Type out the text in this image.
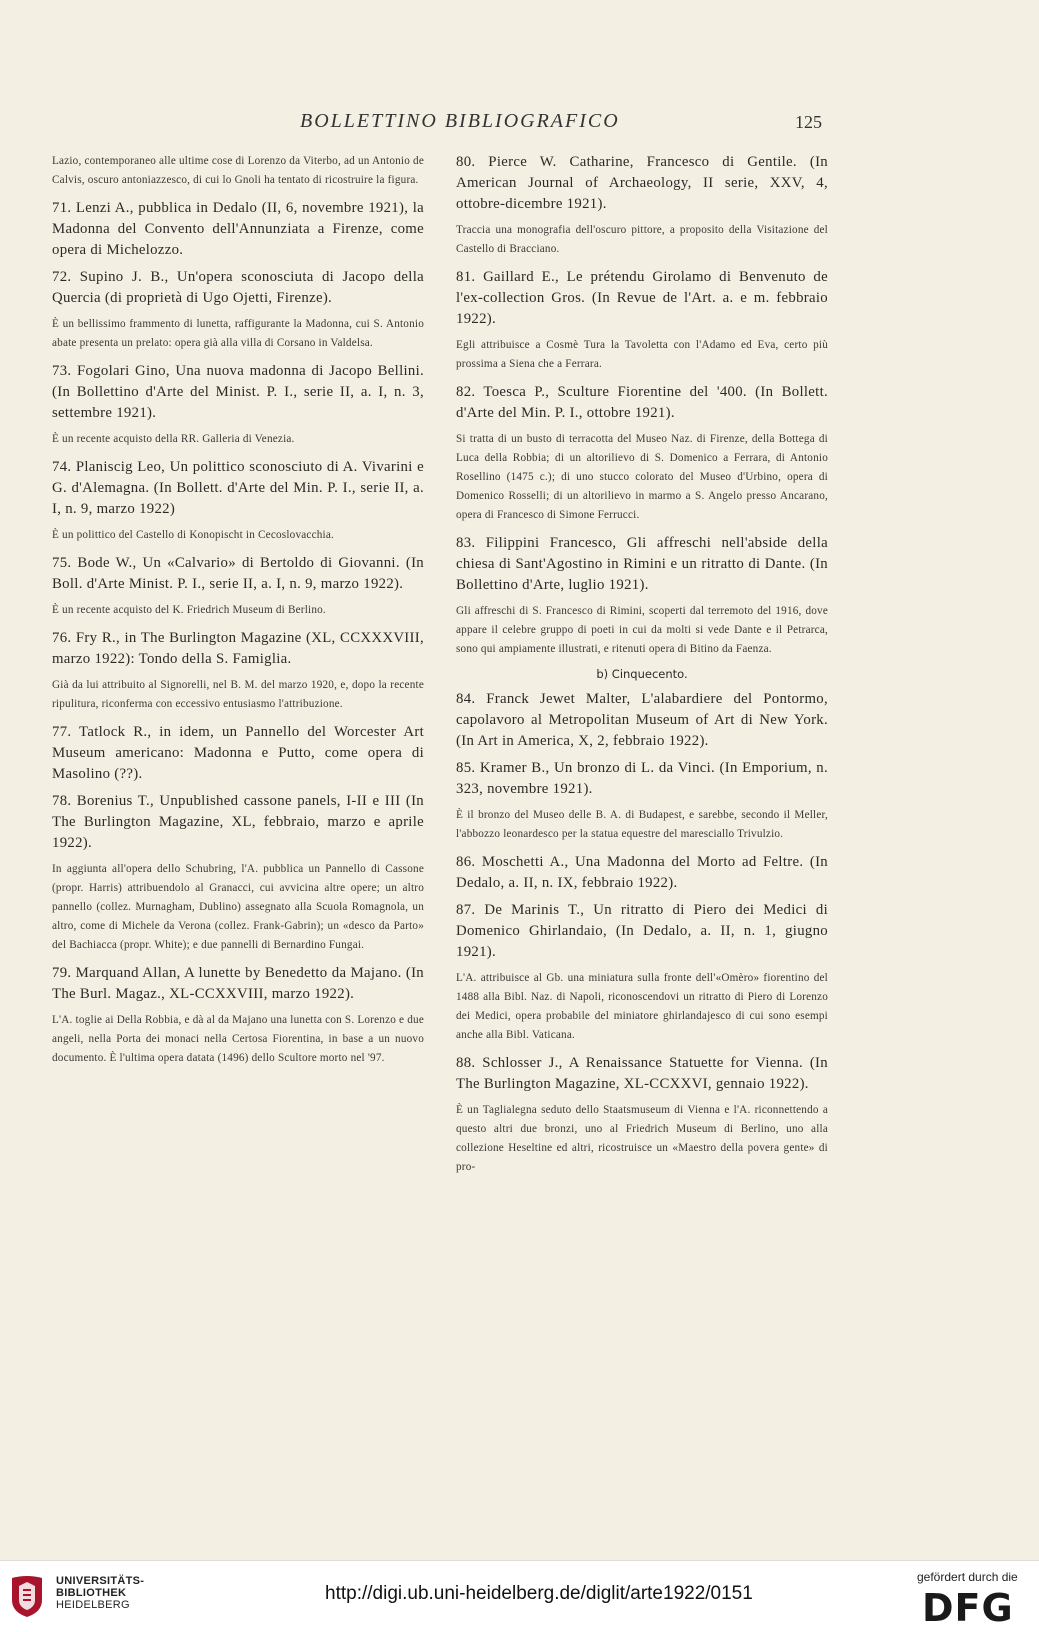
BOLLETTINO BIBLIOGRAFICO	125

Lazio, contemporaneo alle ultime cose di Lorenzo da Viterbo, ad un Antonio de Calvis, oscuro antoniazzesco, di cui lo Gnoli ha tentato di ricostruire la figura.

71. Lenzi A., pubblica in Dedalo (II, 6, novembre 1921), la Madonna del Convento dell'Annunziata a Firenze, come opera di Michelozzo.

72. Supino J. B., Un'opera sconosciuta di Jacopo della Quercia (di proprietà di Ugo Ojetti, Firenze).

È un bellissimo frammento di lunetta, raffigurante la Madonna, cui S. Antonio abate presenta un prelato: opera già alla villa di Corsano in Valdelsa.

73. Fogolari Gino, Una nuova madonna di Jacopo Bellini. (In Bollettino d'Arte del Minist. P. I., serie II, a. I, n. 3, settembre 1921).

È un recente acquisto della RR. Galleria di Venezia.

74. Planiscig Leo, Un polittico sconosciuto di A. Vivarini e G. d'Alemagna. (In Bollett. d'Arte del Min. P. I., serie II, a. I, n. 9, marzo 1922)

È un polittico del Castello di Konopischt in Cecoslovacchia.

75. Bode W., Un «Calvario» di Bertoldo di Giovanni. (In Boll. d'Arte Minist. P. I., serie II, a. I, n. 9, marzo 1922).

È un recente acquisto del K. Friedrich Museum di Berlino.

76. Fry R., in The Burlington Magazine (XL, CCXXXVIII, marzo 1922): Tondo della S. Famiglia.

Già da lui attribuito al Signorelli, nel B. M. del marzo 1920, e, dopo la recente ripulitura, riconferma con eccessivo entusiasmo l'attribuzione.

77. Tatlock R., in idem, un Pannello del Worcester Art Museum americano: Madonna e Putto, come opera di Masolino (??).

78. Borenius T., Unpublished cassone panels, I-II e III (In The Burlington Magazine, XL, febbraio, marzo e aprile 1922).

In aggiunta all'opera dello Schubring, l'A. pubblica un Pannello di Cassone (propr. Harris) attribuendolo al Granacci, cui avvicina altre opere; un altro pannello (collez. Murnagham, Dublino) assegnato alla Scuola Romagnola, un altro, come di Michele da Verona (collez. Frank-Gabrin); un «desco da Parto» del Bachiacca (propr. White); e due pannelli di Bernardino Fungai.

79. Marquand Allan, A lunette by Benedetto da Majano. (In The Burl. Magaz., XL-CCXXVIII, marzo 1922).

L'A. toglie ai Della Robbia, e dà al da Majano una lunetta con S. Lorenzo e due angeli, nella Porta dei monaci nella Certosa Fiorentina, in base a un nuovo documento. È l'ultima opera datata (1496) dello Scultore morto nel '97.

80. Pierce W. Catharine, Francesco di Gentile. (In American Journal of Archaeology, II serie, XXV, 4, ottobre-dicembre 1921).

Traccia una monografia dell'oscuro pittore, a proposito della Visitazione del Castello di Bracciano.

81. Gaillard E., Le prétendu Girolamo di Benvenuto de l'ex-collection Gros. (In Revue de l'Art. a. e m. febbraio 1922).

Egli attribuisce a Cosmè Tura la Tavoletta con l'Adamo ed Eva, certo più prossima a Siena che a Ferrara.

82. Toesca P., Sculture Fiorentine del '400. (In Bollett. d'Arte del Min. P. I., ottobre 1921).

Si tratta di un busto di terracotta del Museo Naz. di Firenze, della Bottega di Luca della Robbia; di un altorilievo di S. Domenico a Ferrara, di Antonio Rosellino (1475 c.); di uno stucco colorato del Museo d'Urbino, opera di Domenico Rosselli; di un altorilievo in marmo a S. Angelo presso Ancarano, opera di Francesco di Simone Ferrucci.

83. Filippini Francesco, Gli affreschi nell'abside della chiesa di Sant'Agostino in Rimini e un ritratto di Dante. (In Bollettino d'Arte, luglio 1921).

Gli affreschi di S. Francesco di Rimini, scoperti dal terremoto del 1916, dove appare il celebre gruppo di poeti in cui da molti si vede Dante e il Petrarca, sono qui ampiamente illustrati, e ritenuti opera di Bitino da Faenza.

b) Cinquecento.

84. Franck Jewet Malter, L'alabardiere del Pontormo, capolavoro al Metropolitan Museum of Art di New York. (In Art in America, X, 2, febbraio 1922).

85. Kramer B., Un bronzo di L. da Vinci. (In Emporium, n. 323, novembre 1921).

È il bronzo del Museo delle B. A. di Budapest, e sarebbe, secondo il Meller, l'abbozzo leonardesco per la statua equestre del maresciallo Trivulzio.

86. Moschetti A., Una Madonna del Morto ad Feltre. (In Dedalo, a. II, n. IX, febbraio 1922).

87. De Marinis T., Un ritratto di Piero dei Medici di Domenico Ghirlandaio, (In Dedalo, a. II, n. 1, giugno 1921).

L'A. attribuisce al Gb. una miniatura sulla fronte dell'«Omèro» fiorentino del 1488 alla Bibl. Naz. di Napoli, riconoscendovi un ritratto di Piero di Lorenzo dei Medici, opera probabile del miniatore ghirlandajesco di cui sono esempi anche alla Bibl. Vaticana.

88. Schlosser J., A Renaissance Statuette for Vienna. (In The Burlington Magazine, XL-CCXXVI, gennaio 1922).

È un Taglialegna seduto dello Staatsmuseum di Vienna e l'A. riconnettendo a questo altri due bronzi, uno al Friedrich Museum di Berlino, uno alla collezione Heseltine ed altri, ricostruisce un «Maestro della povera gente» di pro-

UNIVERSITÄTS-
BIBLIOTHEK
HEIDELBERG
http://digi.ub.uni-heidelberg.de/diglit/arte1922/0151
gefördert durch die
DFG
